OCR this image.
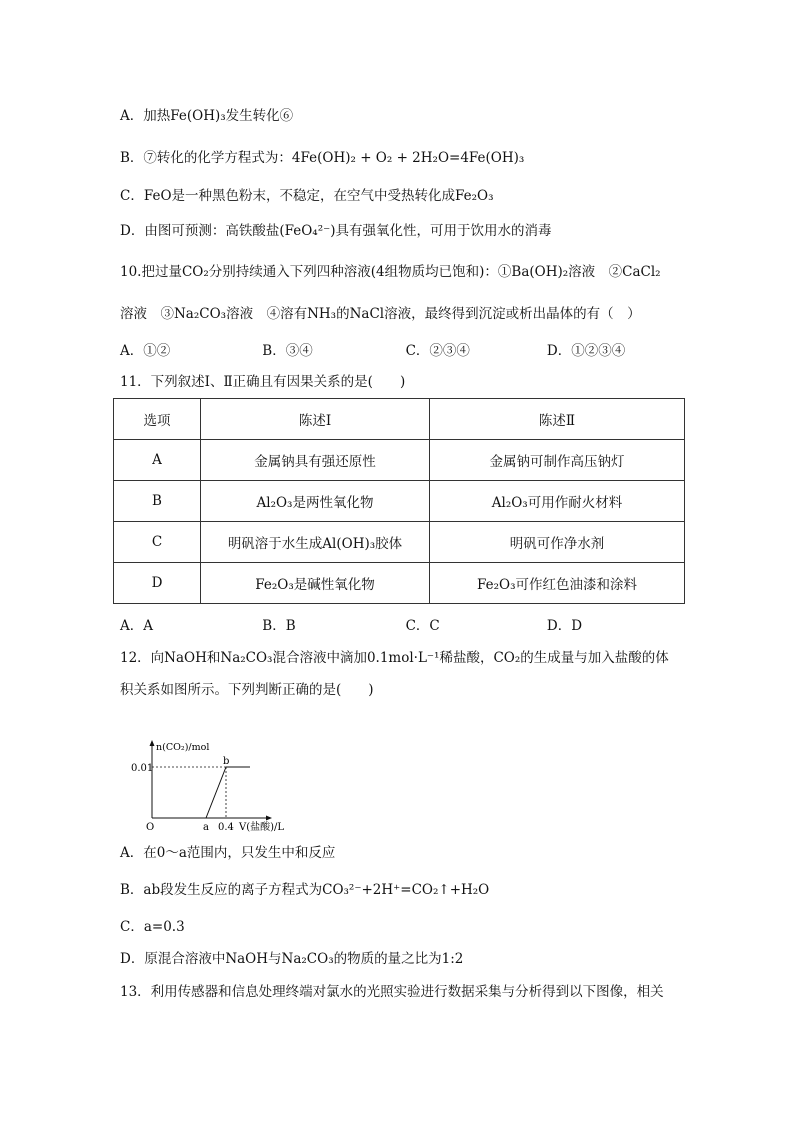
A．加热Fe(OH)₃发生转化⑥
B．⑦转化的化学方程式为：4Fe(OH)₂ + O₂ + 2H₂O=4Fe(OH)₃
C．FeO是一种黑色粉末，不稳定，在空气中受热转化成Fe₂O₃
D．由图可预测：高铁酸盐(FeO₄²⁻)具有强氧化性，可用于饮用水的消毒
10.把过量CO₂分别持续通入下列四种溶液(4组物质均已饱和)：①Ba(OH)₂溶液　②CaCl₂
溶液　③Na₂CO₃溶液　④溶有NH₃的NaCl溶液，最终得到沉淀或析出晶体的有（　）
A．①②	B．③④	C．②③④	D．①②③④
11．下列叙述Ⅰ、Ⅱ正确且有因果关系的是(　　)
选项	陈述Ⅰ	陈述Ⅱ
A	金属钠具有强还原性	金属钠可制作高压钠灯
B	Al₂O₃是两性氧化物	Al₂O₃可用作耐火材料
C	明矾溶于水生成Al(OH)₃胶体	明矾可作净水剂
D	Fe₂O₃是碱性氧化物	Fe₂O₃可作红色油漆和涂料
A．A	B．B	C．C	D．D
12．向NaOH和Na₂CO₃混合溶液中滴加0.1mol·L⁻¹稀盐酸，CO₂的生成量与加入盐酸的体
积关系如图所示。下列判断正确的是(　　)
n(CO₂)/mol
0.01
b
O	a 0.4 V(盐酸)/L
A．在0～a范围内，只发生中和反应
B．ab段发生反应的离子方程式为CO₃²⁻+2H⁺=CO₂↑+H₂O
C．a=0.3
D．原混合溶液中NaOH与Na₂CO₃的物质的量之比为1:2
13．利用传感器和信息处理终端对氯水的光照实验进行数据采集与分析得到以下图像，相关
